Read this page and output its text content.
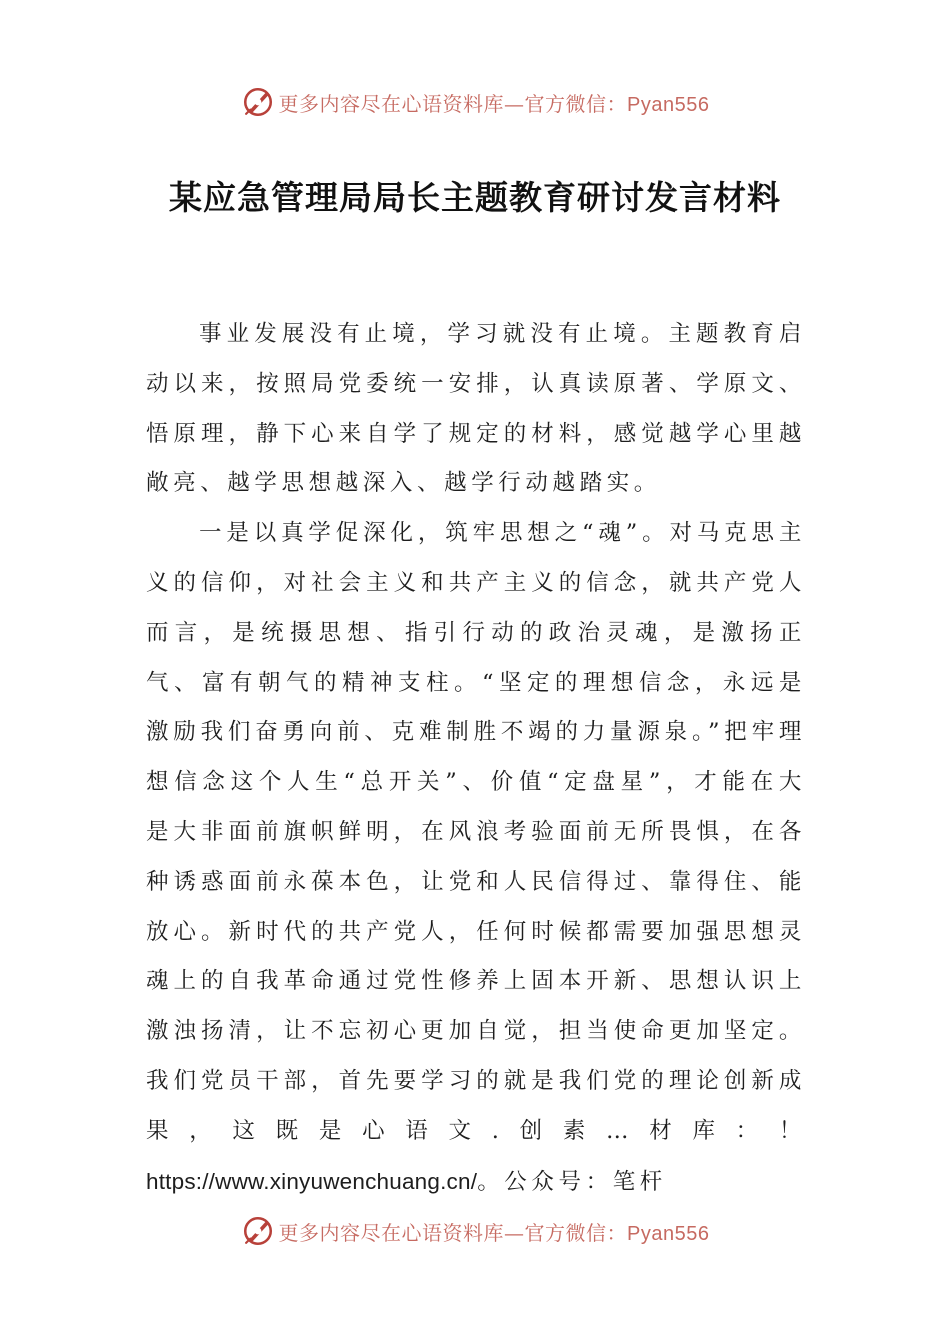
更多内容尽在心语资料库—官方微信：Pyan556
某应急管理局局长主题教育研讨发言材料

事业发展没有止境，学习就没有止境。主题教育启动以来，按照局党委统一安排，认真读原著、学原文、悟原理，静下心来自学了规定的材料，感觉越学心里越敞亮、越学思想越深入、越学行动越踏实。

一是以真学促深化，筑牢思想之“魂”。对马克思主义的信仰，对社会主义和共产主义的信念，就共产党人而言，是统摄思想、指引行动的政治灵魂，是激扬正气、富有朝气的精神支柱。“坚定的理想信念，永远是激励我们奋勇向前、克难制胜不竭的力量源泉。”把牢理想信念这个人生“总开关”、价值“定盘星”，才能在大是大非面前旗帜鲜明，在风浪考验面前无所畏惧，在各种诱惑面前永葆本色，让党和人民信得过、靠得住、能放心。新时代的共产党人，任何时候都需要加强思想灵魂上的自我革命通过党性修养上固本开新、思想认识上激浊扬清，让不忘初心更加自觉，担当使命更加坚定。我们党员干部，首先要学习的就是我们党的理论创新成果，这既是心语文.创素…材库：！https://www.xinyuwenchuang.cn/。公众号：笔杆

更多内容尽在心语资料库—官方微信：Pyan556
